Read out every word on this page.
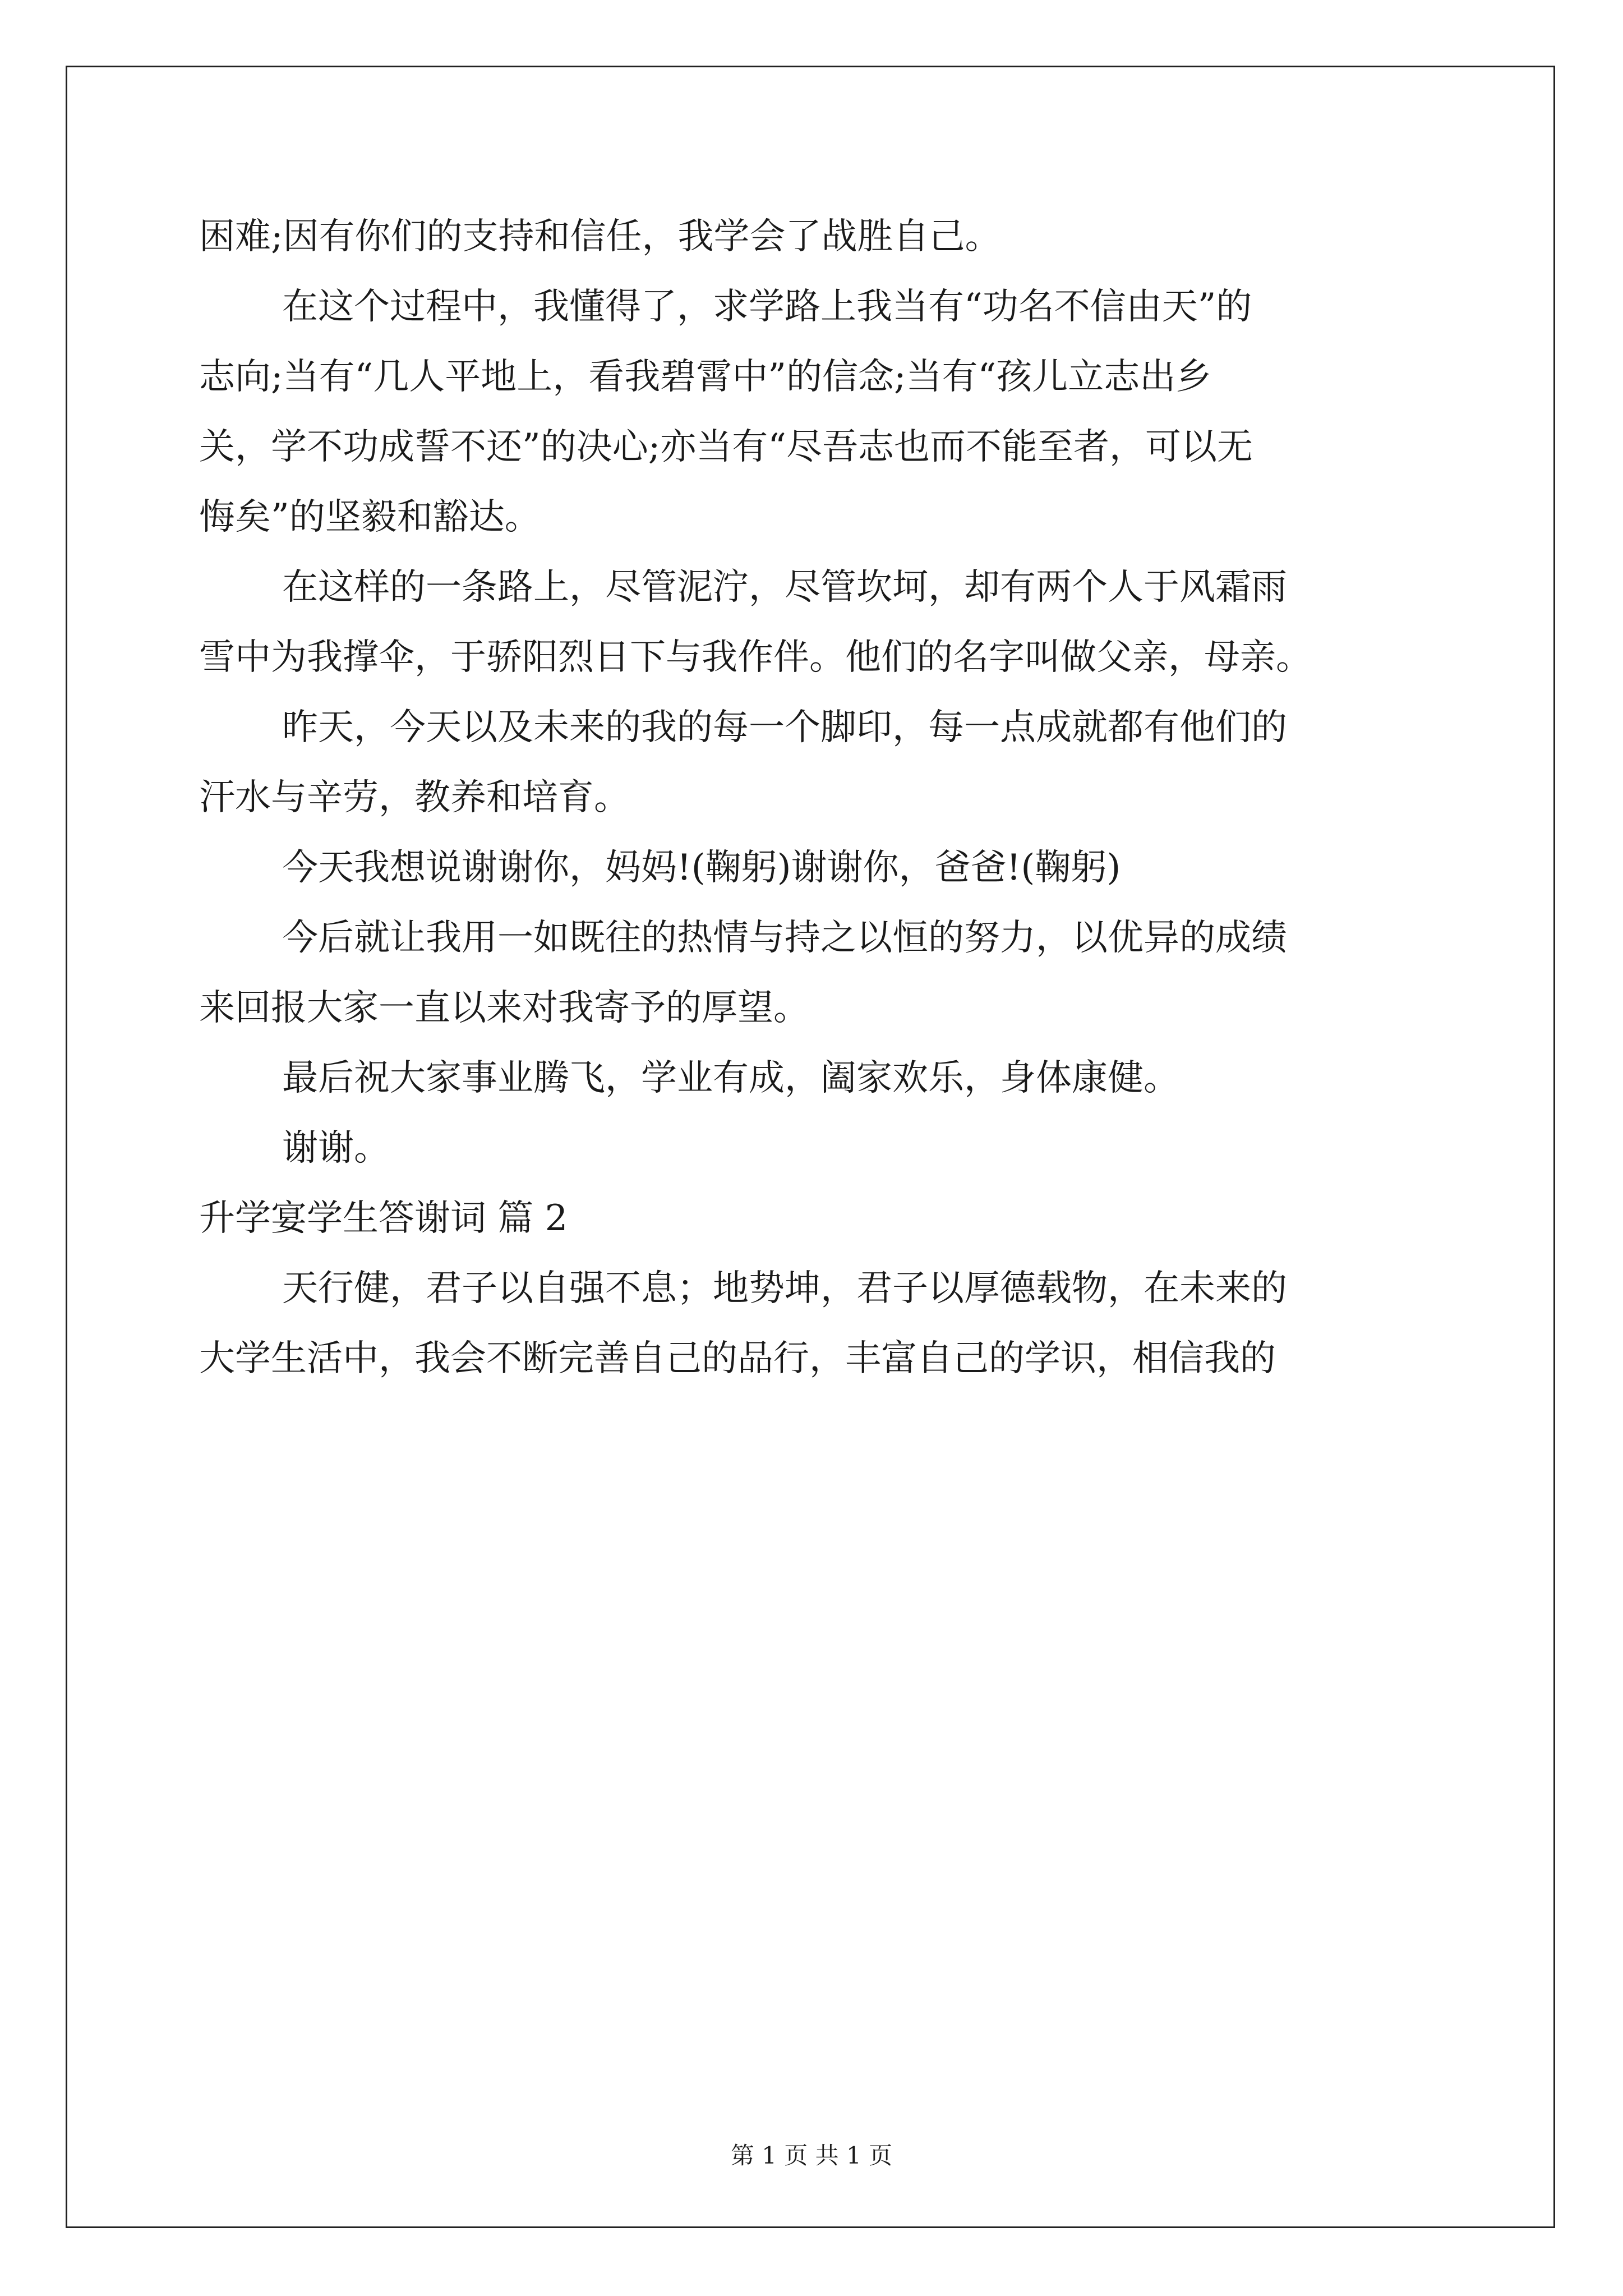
困难;因有你们的支持和信任，我学会了战胜自己。

在这个过程中，我懂得了，求学路上我当有“功名不信由天”的

志向;当有“几人平地上，看我碧霄中”的信念;当有“孩儿立志出乡

关，学不功成誓不还”的决心;亦当有“尽吾志也而不能至者，可以无

悔矣”的坚毅和豁达。

在这样的一条路上，尽管泥泞，尽管坎坷，却有两个人于风霜雨

雪中为我撑伞，于骄阳烈日下与我作伴。他们的名字叫做父亲，母亲。

昨天，今天以及未来的我的每一个脚印，每一点成就都有他们的

汗水与辛劳，教养和培育。

今天我想说谢谢你，妈妈!(鞠躬)谢谢你，爸爸!(鞠躬)

今后就让我用一如既往的热情与持之以恒的努力，以优异的成绩

来回报大家一直以来对我寄予的厚望。

最后祝大家事业腾飞，学业有成，阖家欢乐，身体康健。

谢谢。

升学宴学生答谢词 篇 2

天行健，君子以自强不息；地势坤，君子以厚德载物，在未来的

大学生活中，我会不断完善自己的品行，丰富自己的学识，相信我的

第 1 页 共 1 页
